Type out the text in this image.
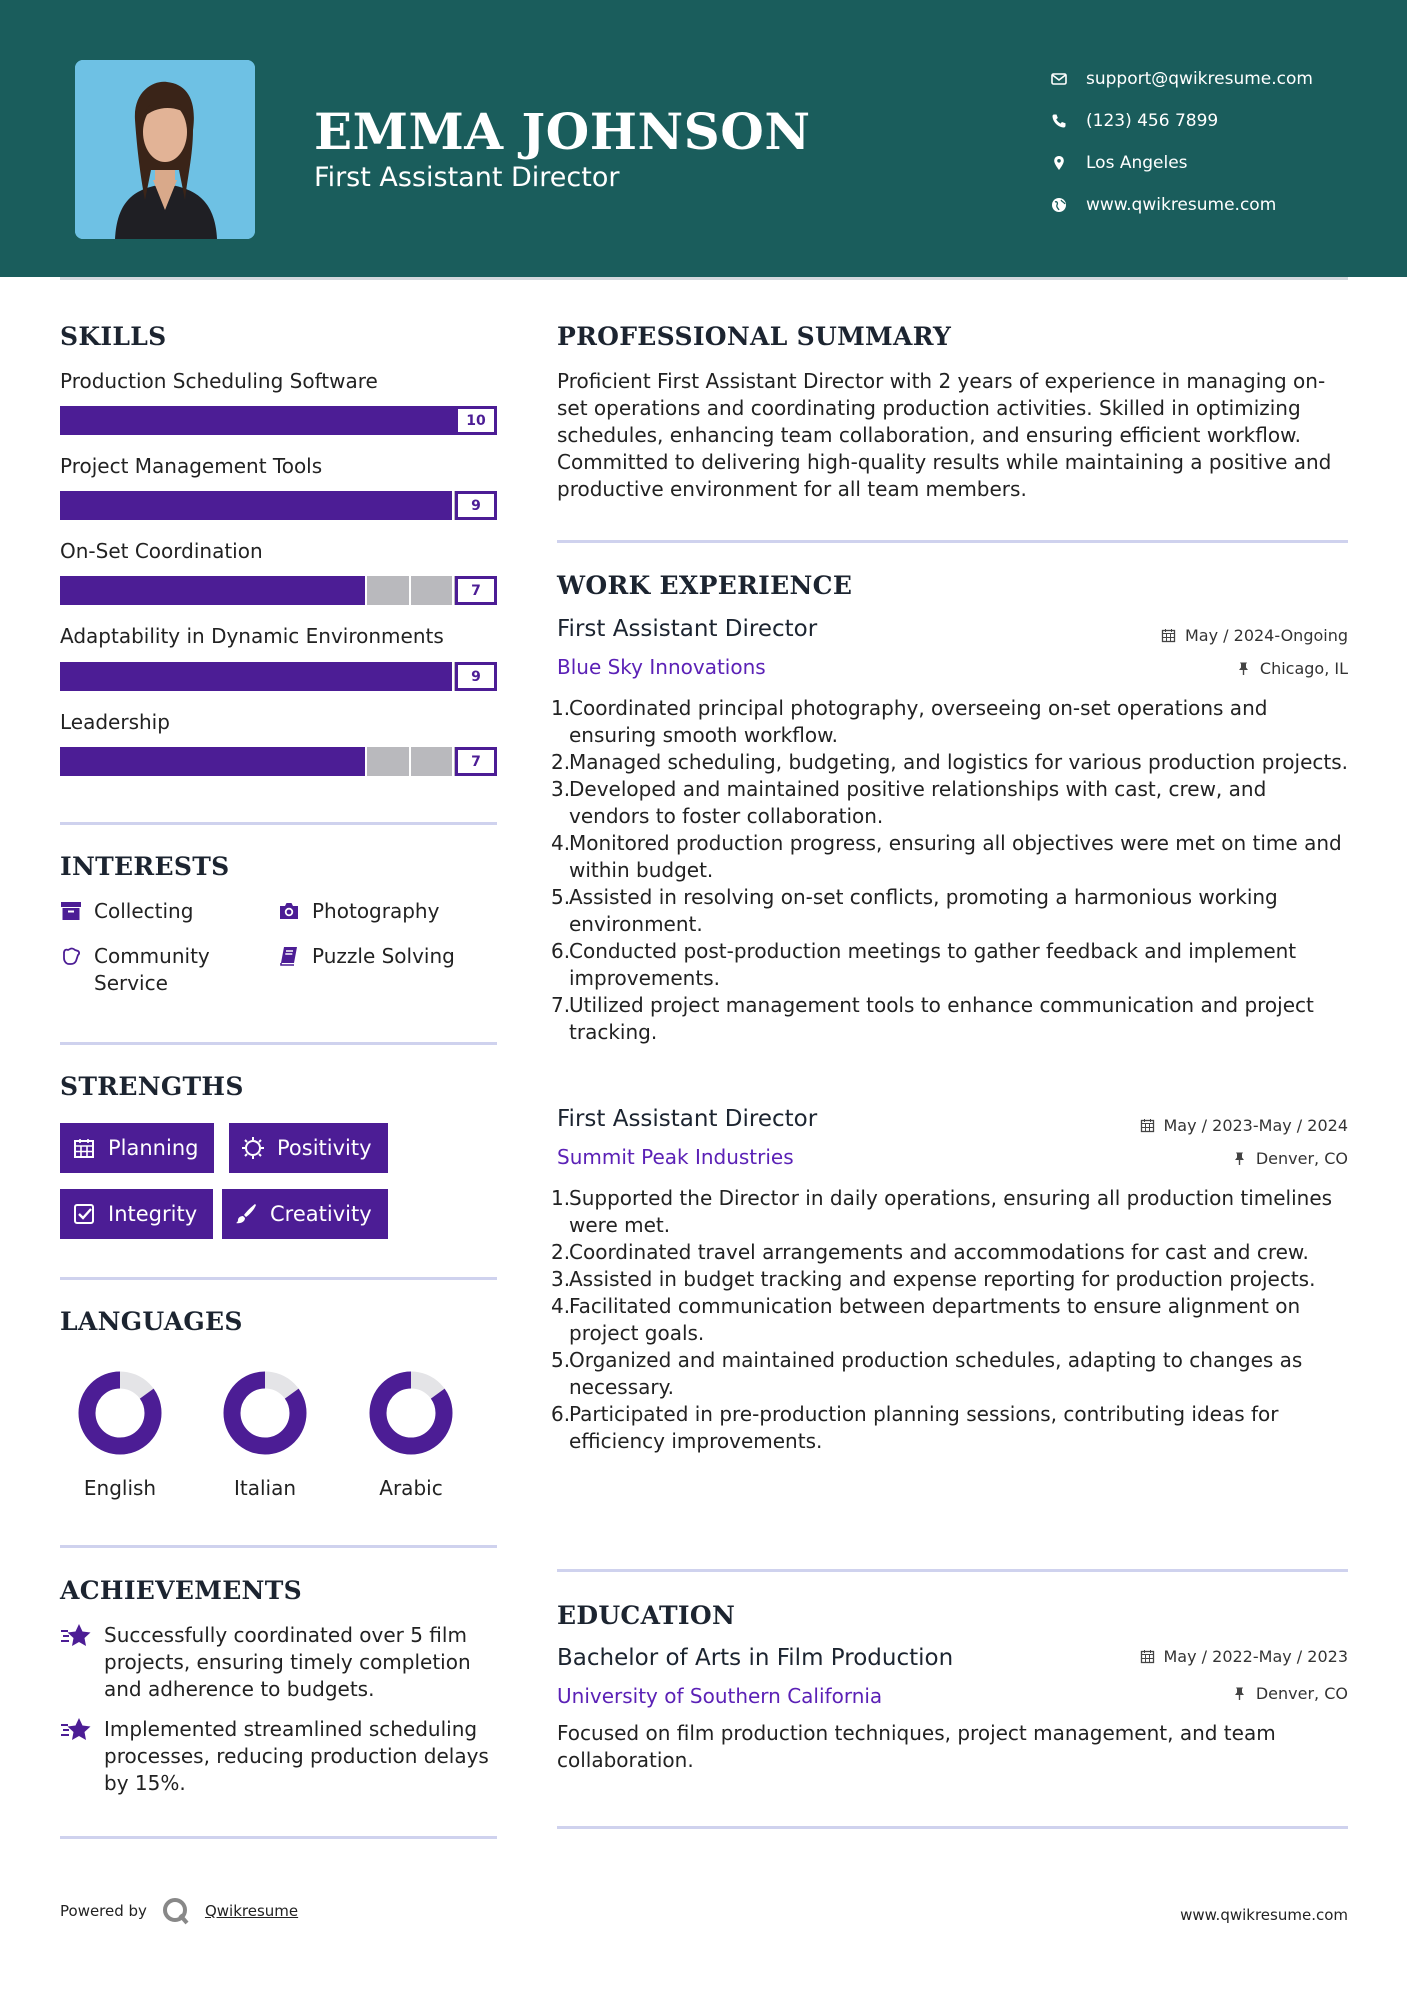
EMMA JOHNSON
First Assistant Director
support@qwikresume.com
(123) 456 7899
Los Angeles
www.qwikresume.com
SKILLS
Production Scheduling Software
10
Project Management Tools
9
On-Set Coordination
7
Adaptability in Dynamic Environments
9
Leadership
7
INTERESTS
Collecting	Photography
Community Service
Puzzle Solving
STRENGTHS
Planning	Positivity
Integrity	Creativity
LANGUAGES
English	Italian	Arabic
ACHIEVEMENTS
Successfully coordinated over 5 film projects, ensuring timely completion and adherence to budgets.
Implemented streamlined scheduling processes, reducing production delays by 15%.
PROFESSIONAL SUMMARY
Proficient First Assistant Director with 2 years of experience in managing on-set operations and coordinating production activities. Skilled in optimizing schedules, enhancing team collaboration, and ensuring efficient workflow. Committed to delivering high-quality results while maintaining a positive and productive environment for all team members.
WORK EXPERIENCE
First Assistant Director	May / 2024-Ongoing
Blue Sky Innovations	Chicago, IL
1.
Coordinated principal photography, overseeing on-set operations and ensuring smooth workflow.
2.
Managed scheduling, budgeting, and logistics for various production projects.
3.
Developed and maintained positive relationships with cast, crew, and vendors to foster collaboration.
4.
Monitored production progress, ensuring all objectives were met on time and within budget.
5.
Assisted in resolving on-set conflicts, promoting a harmonious working environment.
6.
Conducted post-production meetings to gather feedback and implement improvements.
7.
Utilized project management tools to enhance communication and project tracking.
First Assistant Director	May / 2023-May / 2024
Summit Peak Industries	Denver, CO
1.
Supported the Director in daily operations, ensuring all production timelines were met.
2.
Coordinated travel arrangements and accommodations for cast and crew.
3.
Assisted in budget tracking and expense reporting for production projects.
4.
Facilitated communication between departments to ensure alignment on project goals.
5.
Organized and maintained production schedules, adapting to changes as necessary.
6.
Participated in pre-production planning sessions, contributing ideas for efficiency improvements.
EDUCATION
Bachelor of Arts in Film Production	May / 2022-May / 2023
University of Southern California	Denver, CO
Focused on film production techniques, project management, and team collaboration.
Powered by	Qwikresume	www.qwikresume.com
